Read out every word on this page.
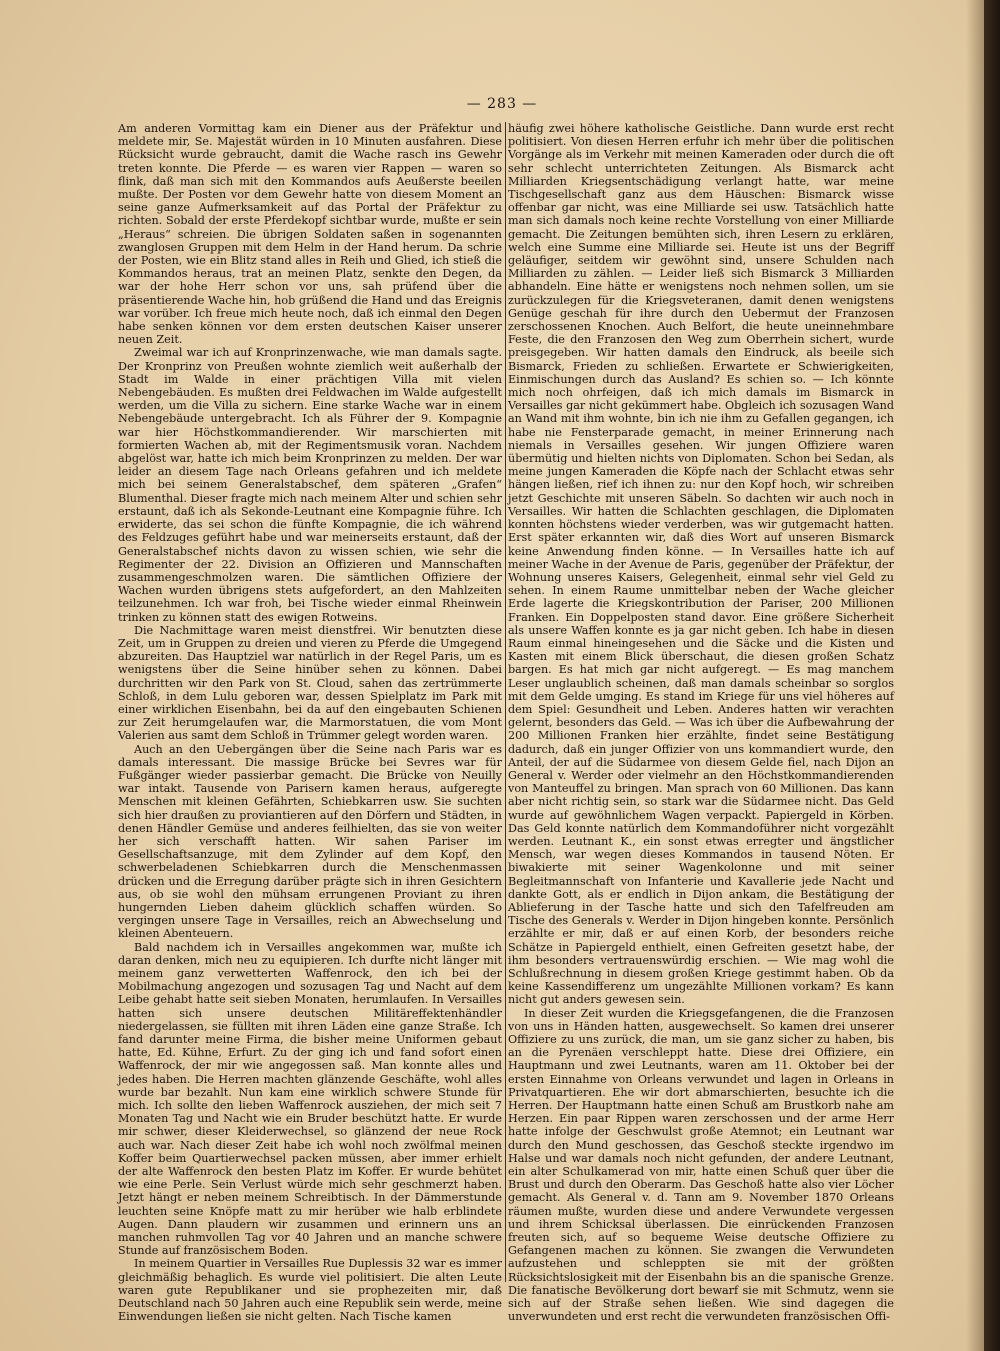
— 283 —

Am anderen Vormittag kam ein Diener aus der Präfektur und meldete mir, Se. Majestät würden in 10 Minuten ausfahren. Diese Rücksicht wurde gebraucht, damit die Wache rasch ins Gewehr treten konnte. Die Pferde — es waren vier Rappen — waren so flink, daß man sich mit den Kommandos aufs Aeußerste beeilen mußte. Der Posten vor dem Gewehr hatte von diesem Moment an seine ganze Aufmerksamkeit auf das Portal der Präfektur zu richten. Sobald der erste Pferdekopf sichtbar wurde, mußte er sein „Heraus“ schreien. Die übrigen Soldaten saßen in sogenannten zwanglosen Gruppen mit dem Helm in der Hand herum. Da schrie der Posten, wie ein Blitz stand alles in Reih und Glied, ich stieß die Kommandos heraus, trat an meinen Platz, senkte den Degen, da war der hohe Herr schon vor uns, sah prüfend über die präsentierende Wache hin, hob grüßend die Hand und das Ereignis war vorüber. Ich freue mich heute noch, daß ich einmal den Degen habe senken können vor dem ersten deutschen Kaiser unserer neuen Zeit.

Zweimal war ich auf Kronprinzenwache, wie man damals sagte. Der Kronprinz von Preußen wohnte ziemlich weit außerhalb der Stadt im Walde in einer prächtigen Villa mit vielen Nebengebäuden. Es mußten drei Feldwachen im Walde aufgestellt werden, um die Villa zu sichern. Eine starke Wache war in einem Nebengebäude untergebracht. Ich als Führer der 9. Kompagnie war hier Höchstkommandierender. Wir marschierten mit formierten Wachen ab, mit der Regimentsmusik voran. Nachdem abgelöst war, hatte ich mich beim Kronprinzen zu melden. Der war leider an diesem Tage nach Orleans gefahren und ich meldete mich bei seinem Generalstabschef, dem späteren „Grafen“ Blumenthal. Dieser fragte mich nach meinem Alter und schien sehr erstaunt, daß ich als Sekonde-Leutnant eine Kompagnie führe. Ich erwiderte, das sei schon die fünfte Kompagnie, die ich während des Feldzuges geführt habe und war meinerseits erstaunt, daß der Generalstabschef nichts davon zu wissen schien, wie sehr die Regimenter der 22. Division an Offizieren und Mannschaften zusammengeschmolzen waren. Die sämtlichen Offiziere der Wachen wurden übrigens stets aufgefordert, an den Mahlzeiten teilzunehmen. Ich war froh, bei Tische wieder einmal Rheinwein trinken zu können statt des ewigen Rotweins.

Die Nachmittage waren meist dienstfrei. Wir benutzten diese Zeit, um in Gruppen zu dreien und vieren zu Pferde die Umgegend abzureiten. Das Hauptziel war natürlich in der Regel Paris, um es wenigstens über die Seine hinüber sehen zu können. Dabei durchritten wir den Park von St. Cloud, sahen das zertrümmerte Schloß, in dem Lulu geboren war, dessen Spielplatz im Park mit einer wirklichen Eisenbahn, bei da auf den eingebauten Schienen zur Zeit herumgelaufen war, die Marmorstatuen, die vom Mont Valerien aus samt dem Schloß in Trümmer gelegt worden waren.

Auch an den Uebergängen über die Seine nach Paris war es damals interessant. Die massige Brücke bei Sevres war für Fußgänger wieder passierbar gemacht. Die Brücke von Neuilly war intakt. Tausende von Parisern kamen heraus, aufgeregte Menschen mit kleinen Gefährten, Schiebkarren usw. Sie suchten sich hier draußen zu proviantieren auf den Dörfern und Städten, in denen Händler Gemüse und anderes feilhielten, das sie von weiter her sich verschafft hatten. Wir sahen Pariser im Gesellschaftsanzuge, mit dem Zylinder auf dem Kopf, den schwerbeladenen Schiebkarren durch die Menschenmassen drücken und die Erregung darüber prägte sich in ihren Gesichtern aus, ob sie wohl den mühsam errungenen Proviant zu ihren hungernden Lieben daheim glücklich schaffen würden. So vergingen unsere Tage in Versailles, reich an Abwechselung und kleinen Abenteuern.

Bald nachdem ich in Versailles angekommen war, mußte ich daran denken, mich neu zu equipieren. Ich durfte nicht länger mit meinem ganz verwetterten Waffenrock, den ich bei der Mobilmachung angezogen und sozusagen Tag und Nacht auf dem Leibe gehabt hatte seit sieben Monaten, herumlaufen. In Versailles hatten sich unsere deutschen Militäreffektenhändler niedergelassen, sie füllten mit ihren Läden eine ganze Straße. Ich fand darunter meine Firma, die bisher meine Uniformen gebaut hatte, Ed. Kühne, Erfurt. Zu der ging ich und fand sofort einen Waffenrock, der mir wie angegossen saß. Man konnte alles und jedes haben. Die Herren machten glänzende Geschäfte, wohl alles wurde bar bezahlt. Nun kam eine wirklich schwere Stunde für mich. Ich sollte den lieben Waffenrock ausziehen, der mich seit 7 Monaten Tag und Nacht wie ein Bruder beschützt hatte. Er wurde mir schwer, dieser Kleiderwechsel, so glänzend der neue Rock auch war. Nach dieser Zeit habe ich wohl noch zwölfmal meinen Koffer beim Quartierwechsel packen müssen, aber immer erhielt der alte Waffenrock den besten Platz im Koffer. Er wurde behütet wie eine Perle. Sein Verlust würde mich sehr geschmerzt haben. Jetzt hängt er neben meinem Schreibtisch. In der Dämmerstunde leuchten seine Knöpfe matt zu mir herüber wie halb erblindete Augen. Dann plaudern wir zusammen und erinnern uns an manchen ruhmvollen Tag vor 40 Jahren und an manche schwere Stunde auf französischem Boden.

In meinem Quartier in Versailles Rue Duplessis 32 war es immer gleichmäßig behaglich. Es wurde viel politisiert. Die alten Leute waren gute Republikaner und sie prophezeiten mir, daß Deutschland nach 50 Jahren auch eine Republik sein werde, meine Einwendungen ließen sie nicht gelten. Nach Tische kamen

häufig zwei höhere katholische Geistliche. Dann wurde erst recht politisiert. Von diesen Herren erfuhr ich mehr über die politischen Vorgänge als im Verkehr mit meinen Kameraden oder durch die oft sehr schlecht unterrichteten Zeitungen. Als Bismarck acht Milliarden Kriegsentschädigung verlangt hatte, war meine Tischgesellschaft ganz aus dem Häuschen: Bismarck wisse offenbar gar nicht, was eine Milliarde sei usw. Tatsächlich hatte man sich damals noch keine rechte Vorstellung von einer Milliarde gemacht. Die Zeitungen bemühten sich, ihren Lesern zu erklären, welch eine Summe eine Milliarde sei. Heute ist uns der Begriff geläufiger, seitdem wir gewöhnt sind, unsere Schulden nach Milliarden zu zählen. — Leider ließ sich Bismarck 3 Milliarden abhandeln. Eine hätte er wenigstens noch nehmen sollen, um sie zurückzulegen für die Kriegsveteranen, damit denen wenigstens Genüge geschah für ihre durch den Uebermut der Franzosen zerschossenen Knochen. Auch Belfort, die heute uneinnehmbare Feste, die den Franzosen den Weg zum Oberrhein sichert, wurde preisgegeben. Wir hatten damals den Eindruck, als beeile sich Bismarck, Frieden zu schließen. Erwartete er Schwierigkeiten, Einmischungen durch das Ausland? Es schien so. — Ich könnte mich noch ohrfeigen, daß ich mich damals im Bismarck in Versailles gar nicht gekümmert habe. Obgleich ich sozusagen Wand an Wand mit ihm wohnte, bin ich nie ihm zu Gefallen gegangen, ich habe nie Fensterparade gemacht, in meiner Erinnerung nach niemals in Versailles gesehen. Wir jungen Offiziere waren übermütig und hielten nichts von Diplomaten. Schon bei Sedan, als meine jungen Kameraden die Köpfe nach der Schlacht etwas sehr hängen ließen, rief ich ihnen zu: nur den Kopf hoch, wir schreiben jetzt Geschichte mit unseren Säbeln. So dachten wir auch noch in Versailles. Wir hatten die Schlachten geschlagen, die Diplomaten konnten höchstens wieder verderben, was wir gutgemacht hatten. Erst später erkannten wir, daß dies Wort auf unseren Bismarck keine Anwendung finden könne. — In Versailles hatte ich auf meiner Wache in der Avenue de Paris, gegenüber der Präfektur, der Wohnung unseres Kaisers, Gelegenheit, einmal sehr viel Geld zu sehen. In einem Raume unmittelbar neben der Wache gleicher Erde lagerte die Kriegskontribution der Pariser, 200 Millionen Franken. Ein Doppelposten stand davor. Eine größere Sicherheit als unsere Waffen konnte es ja gar nicht geben. Ich habe in diesen Raum einmal hineingesehen und die Säcke und die Kisten und Kasten mit einem Blick überschaut, die diesen großen Schatz bargen. Es hat mich gar nicht aufgeregt. — Es mag manchem Leser unglaublich scheinen, daß man damals scheinbar so sorglos mit dem Gelde umging. Es stand im Kriege für uns viel höheres auf dem Spiel: Gesundheit und Leben. Anderes hatten wir verachten gelernt, besonders das Geld. — Was ich über die Aufbewahrung der 200 Millionen Franken hier erzählte, findet seine Bestätigung dadurch, daß ein junger Offizier von uns kommandiert wurde, den Anteil, der auf die Südarmee von diesem Gelde fiel, nach Dijon an General v. Werder oder vielmehr an den Höchstkommandierenden von Manteuffel zu bringen. Man sprach von 60 Millionen. Das kann aber nicht richtig sein, so stark war die Südarmee nicht. Das Geld wurde auf gewöhnlichem Wagen verpackt. Papiergeld in Körben. Das Geld konnte natürlich dem Kommandoführer nicht vorgezählt werden. Leutnant K., ein sonst etwas erregter und ängstlicher Mensch, war wegen dieses Kommandos in tausend Nöten. Er biwakierte mit seiner Wagenkolonne und mit seiner Begleitmannschaft von Infanterie und Kavallerie jede Nacht und dankte Gott, als er endlich in Dijon ankam, die Bestätigung der Ablieferung in der Tasche hatte und sich den Tafelfreuden am Tische des Generals v. Werder in Dijon hingeben konnte. Persönlich erzählte er mir, daß er auf einen Korb, der besonders reiche Schätze in Papiergeld enthielt, einen Gefreiten gesetzt habe, der ihm besonders vertrauenswürdig erschien. — Wie mag wohl die Schlußrechnung in diesem großen Kriege gestimmt haben. Ob da keine Kassendifferenz um ungezählte Millionen vorkam? Es kann nicht gut anders gewesen sein.

In dieser Zeit wurden die Kriegsgefangenen, die die Franzosen von uns in Händen hatten, ausgewechselt. So kamen drei unserer Offiziere zu uns zurück, die man, um sie ganz sicher zu haben, bis an die Pyrenäen verschleppt hatte. Diese drei Offiziere, ein Hauptmann und zwei Leutnants, waren am 11. Oktober bei der ersten Einnahme von Orleans verwundet und lagen in Orleans in Privatquartieren. Ehe wir dort abmarschierten, besuchte ich die Herren. Der Hauptmann hatte einen Schuß am Brustkorb nahe am Herzen. Ein paar Rippen waren zerschossen und der arme Herr hatte infolge der Geschwulst große Atemnot; ein Leutnant war durch den Mund geschossen, das Geschoß steckte irgendwo im Halse und war damals noch nicht gefunden, der andere Leutnant, ein alter Schulkamerad von mir, hatte einen Schuß quer über die Brust und durch den Oberarm. Das Geschoß hatte also vier Löcher gemacht. Als General v. d. Tann am 9. November 1870 Orleans räumen mußte, wurden diese und andere Verwundete vergessen und ihrem Schicksal überlassen. Die einrückenden Franzosen freuten sich, auf so bequeme Weise deutsche Offiziere zu Gefangenen machen zu können. Sie zwangen die Verwundeten aufzustehen und schleppten sie mit der größten Rücksichtslosigkeit mit der Eisenbahn bis an die spanische Grenze. Die fanatische Bevölkerung dort bewarf sie mit Schmutz, wenn sie sich auf der Straße sehen ließen. Wie sind dagegen die unverwundeten und erst recht die verwundeten französischen Offi-
